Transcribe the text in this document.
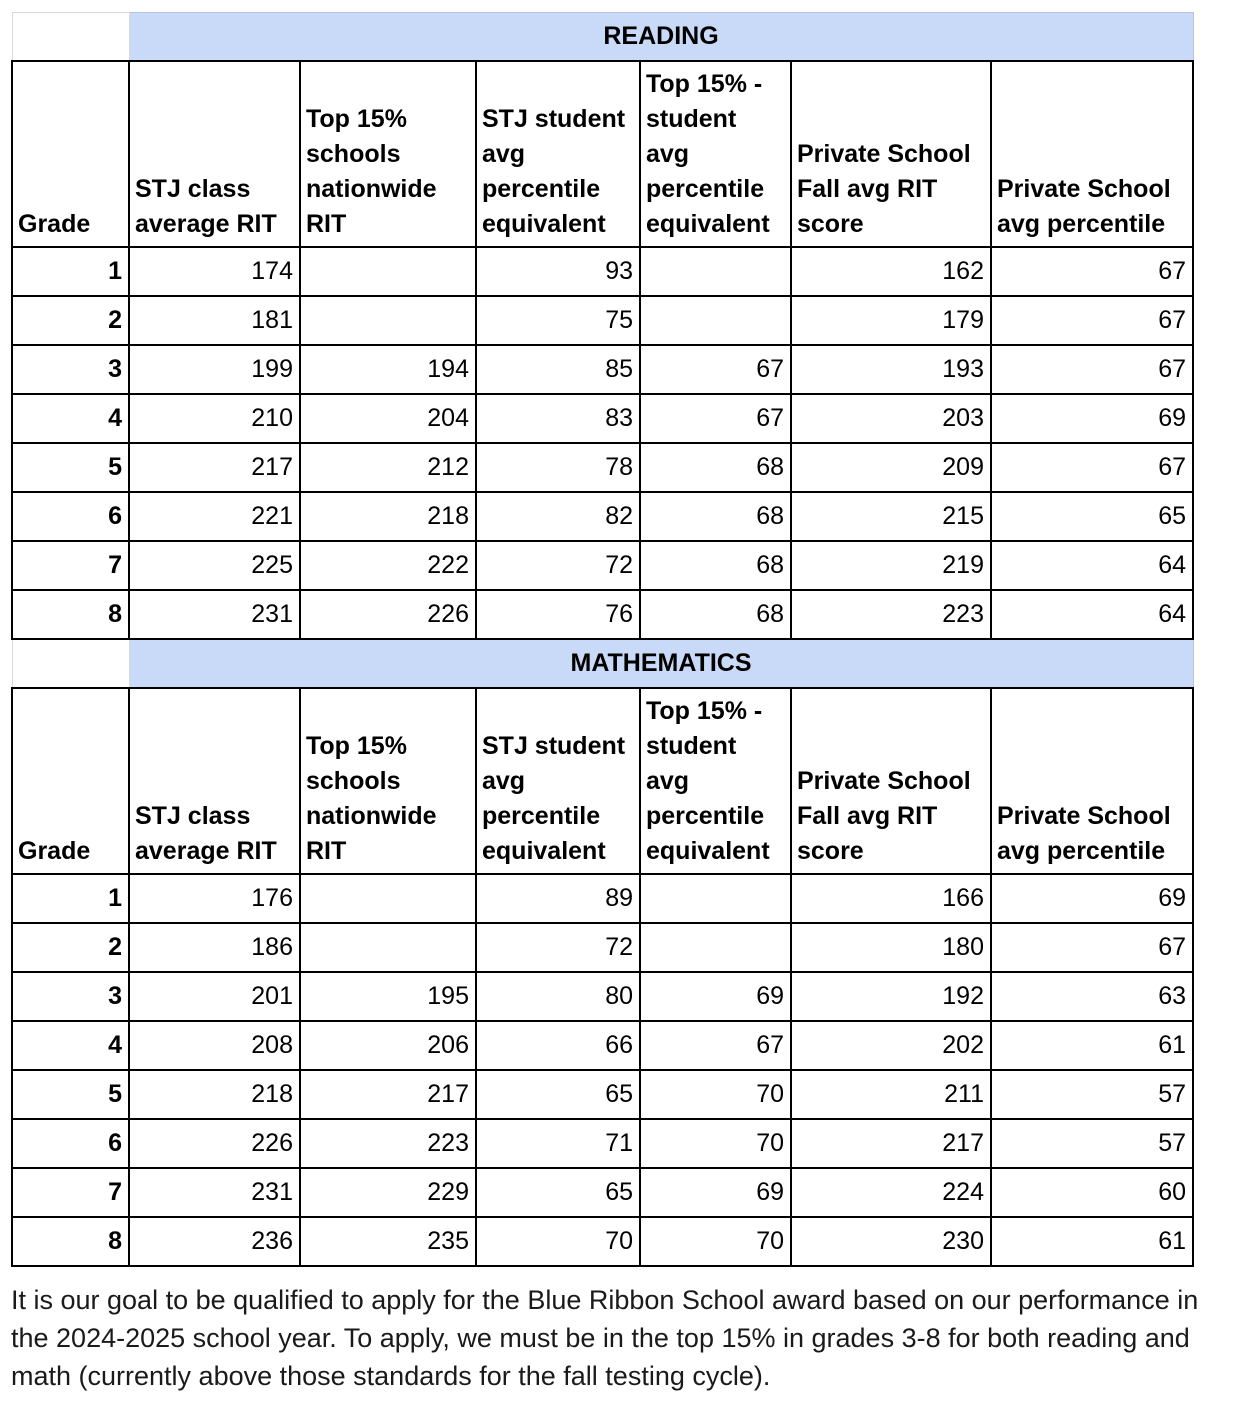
	READING					
Grade	STJ class average RIT	Top 15% schools nationwide RIT	STJ student avg percentile equivalent	Top 15% - student avg percentile equivalent	Private School Fall avg RIT score	Private School avg percentile
1	174		93		162	67
2	181		75		179	67
3	199	194	85	67	193	67
4	210	204	83	67	203	69
5	217	212	78	68	209	67
6	221	218	82	68	215	65
7	225	222	72	68	219	64
8	231	226	76	68	223	64
	MATHEMATICS					
Grade	STJ class average RIT	Top 15% schools nationwide RIT	STJ student avg percentile equivalent	Top 15% - student avg percentile equivalent	Private School Fall avg RIT score	Private School avg percentile
1	176		89		166	69
2	186		72		180	67
3	201	195	80	69	192	63
4	208	206	66	67	202	61
5	218	217	65	70	211	57
6	226	223	71	70	217	57
7	231	229	65	69	224	60
8	236	235	70	70	230	61
It is our goal to be qualified to apply for the Blue Ribbon School award based on our performance in the 2024-2025 school year. To apply, we must be in the top 15% in grades 3-8 for both reading and math (currently above those standards for the fall testing cycle).
